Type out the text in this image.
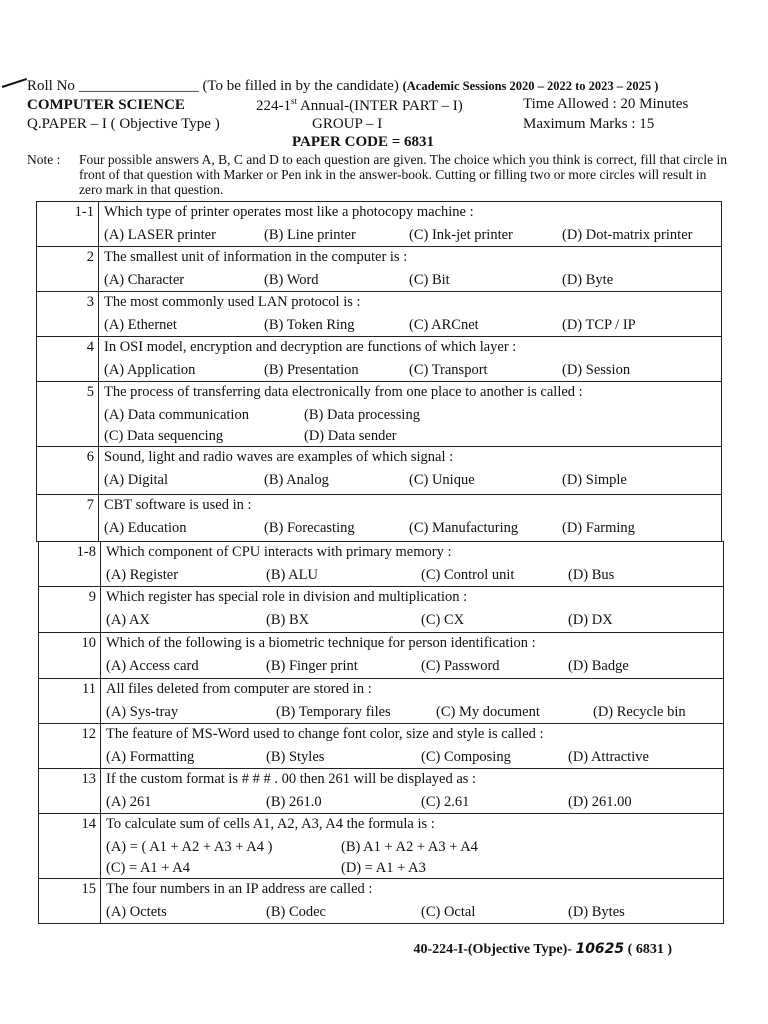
Roll No ________________ (To be filled in by the candidate) (Academic Sessions 2020 – 2022 to 2023 – 2025 )
COMPUTER SCIENCE	224-1st Annual-(INTER PART – I)	Time Allowed : 20 Minutes
Q.PAPER – I ( Objective Type )	GROUP – I	Maximum Marks : 15
PAPER CODE = 6831
Note : Four possible answers A, B, C and D to each question are given. The choice which you think is correct, fill that circle in front of that question with Marker or Pen ink in the answer-book. Cutting or filling two or more circles will result in zero mark in that question.
1-1	Which type of printer operates most like a photocopy machine :
(A) LASER printer (B) Line printer (C) Ink-jet printer (D) Dot-matrix printer

2	The smallest unit of information in the computer is :
(A) Character (B) Word (C) Bit (D) Byte

3	The most commonly used LAN protocol is :
(A) Ethernet (B) Token Ring (C) ARCnet (D) TCP / IP

4	In OSI model, encryption and decryption are functions of which layer :
(A) Application (B) Presentation (C) Transport (D) Session

5	The process of transferring data electronically from one place to another is called :
(A) Data communication (B) Data processing
(C) Data sequencing (D) Data sender

6	Sound, light and radio waves are examples of which signal :
(A) Digital (B) Analog (C) Unique (D) Simple

7	CBT software is used in :
(A) Education (B) Forecasting (C) Manufacturing (D) Farming
1-8	Which component of CPU interacts with primary memory :
(A) Register (B) ALU (C) Control unit (D) Bus

9	Which register has special role in division and multiplication :
(A) AX (B) BX (C) CX (D) DX

10	Which of the following is a biometric technique for person identification :
(A) Access card (B) Finger print (C) Password (D) Badge

11	All files deleted from computer are stored in :
(A) Sys-tray (B) Temporary files (C) My document (D) Recycle bin

12	The feature of MS-Word used to change font color, size and style is called :
(A) Formatting (B) Styles (C) Composing (D) Attractive

13	If the custom format is # # # . 00 then 261 will be displayed as :
(A) 261 (B) 261.0 (C) 2.61 (D) 261.00

14	To calculate sum of cells A1, A2, A3, A4 the formula is :
(A) = ( A1 + A2 + A3 + A4 ) (B) A1 + A2 + A3 + A4
(C) = A1 + A4 (D) = A1 + A3

15	The four numbers in an IP address are called :
(A) Octets (B) Codec (C) Octal (D) Bytes
40-224-I-(Objective Type)- 10625 ( 6831 )
